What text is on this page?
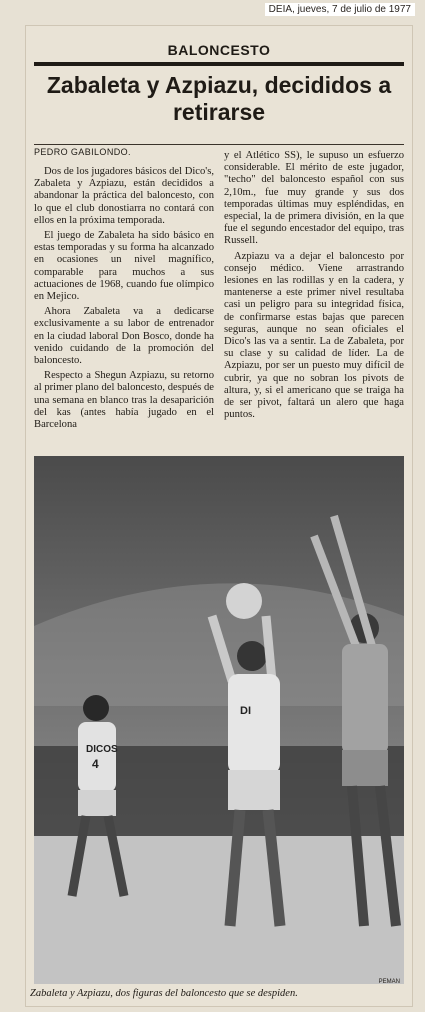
DEIA, jueves, 7 de julio de 1977
BALONCESTO
Zabaleta y Azpiazu, decididos a retirarse
PEDRO GABILONDO.

Dos de los jugadores básicos del Dico's, Zabaleta y Azpiazu, están decididos a abandonar la práctica del baloncesto, con lo que el club donostiarra no contará con ellos en la próxima temporada.

El juego de Zabaleta ha sido básico en estas temporadas y su forma ha alcanzado en ocasiones un nivel magnífico, comparable para muchos a sus actuaciones de 1968, cuando fue olímpico en Mejico.

Ahora Zabaleta va a dedicarse exclusivamente a su labor de entrenador en la ciudad laboral Don Bosco, donde ha venido cuidando de la promoción del baloncesto.

Respecto a Shegun Azpiazu, su retorno al primer plano del baloncesto, después de una semana en blanco tras la desaparición del kas (antes había jugado en el Barcelona

y el Atlético SS), le supuso un esfuerzo considerable. El mérito de este jugador, "techo" del baloncesto español con sus 2,10m., fue muy grande y sus dos temporadas últimas muy espléndidas, en especial, la de primera división, en la que fue el segundo encestador del equipo, tras Russell.

Azpiazu va a dejar el baloncesto por consejo médico. Viene arrastrando lesiones en las rodillas y en la cadera, y mantenerse a este primer nivel resultaba casi un peligro para su integridad física, de confirmarse estas bajas que parecen seguras, aunque no sean oficiales el Dico's las va a sentir. La de Zabaleta, por su clase y su calidad de líder. La de Azpiazu, por ser un puesto muy difícil de cubrir, ya que no sobran los pivots de altura, y, si el americano que se traiga ha de ser pivot, faltará un alero que haga puntos.

DICOS
4
DI
PEMAN
Zabaleta y Azpiazu, dos figuras del baloncesto que se despiden.
